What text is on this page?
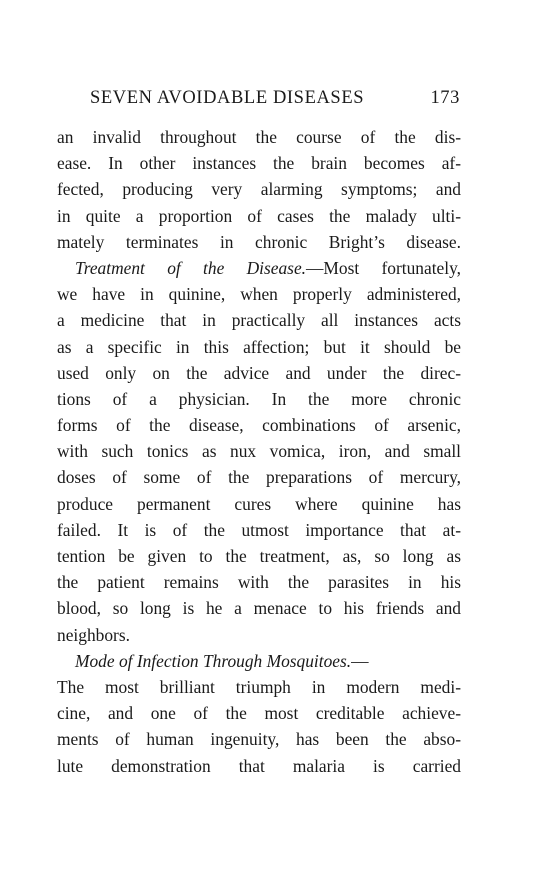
SEVEN AVOIDABLE DISEASES	173
an invalid throughout the course of the dis-
ease. In other instances the brain becomes af-
fected, producing very alarming symptoms; and
in quite a proportion of cases the malady ulti-
mately terminates in chronic Bright’s disease.
Treatment of the Disease.—Most fortunately,
we have in quinine, when properly administered,
a medicine that in practically all instances acts
as a specific in this affection; but it should be
used only on the advice and under the direc-
tions of a physician. In the more chronic
forms of the disease, combinations of arsenic,
with such tonics as nux vomica, iron, and small
doses of some of the preparations of mercury,
produce permanent cures where quinine has
failed. It is of the utmost importance that at-
tention be given to the treatment, as, so long as
the patient remains with the parasites in his
blood, so long is he a menace to his friends and
neighbors.
Mode of Infection Through Mosquitoes.—
The most brilliant triumph in modern medi-
cine, and one of the most creditable achieve-
ments of human ingenuity, has been the abso-
lute demonstration that malaria is carried
